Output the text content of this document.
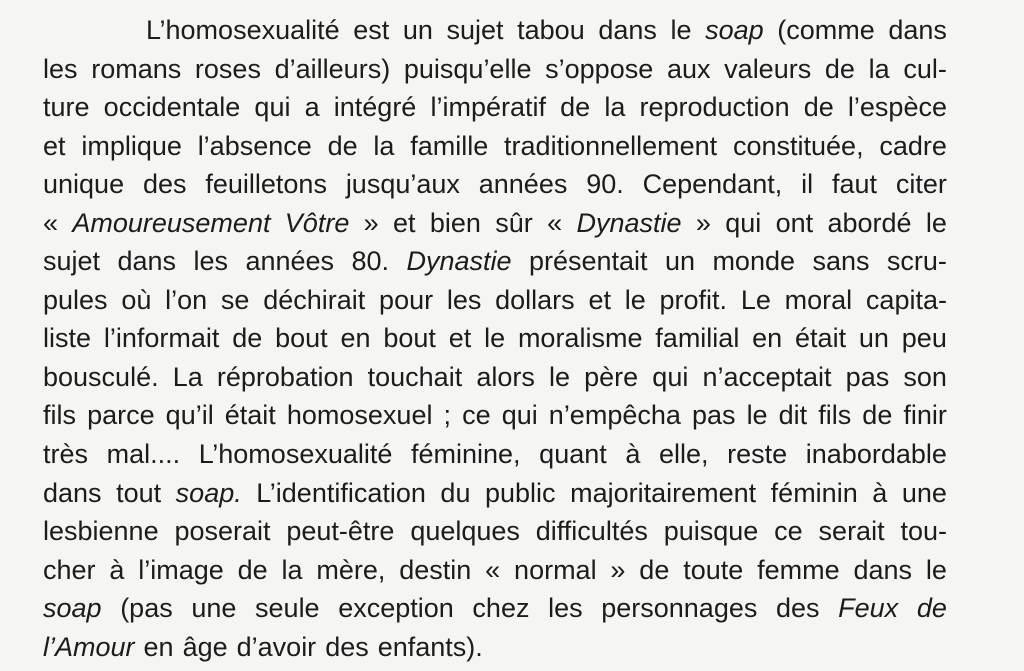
L’homosexualité est un sujet tabou dans le soap (comme dans
les romans roses d’ailleurs) puisqu’elle s’oppose aux valeurs de la cul-
ture occidentale qui a intégré l’impératif de la reproduction de l’espèce
et implique l’absence de la famille traditionnellement constituée, cadre
unique des feuilletons jusqu’aux années 90. Cependant, il faut citer
« Amoureusement Vôtre » et bien sûr « Dynastie » qui ont abordé le
sujet dans les années 80. Dynastie présentait un monde sans scru-
pules où l’on se déchirait pour les dollars et le profit. Le moral capita-
liste l’informait de bout en bout et le moralisme familial en était un peu
bousculé. La réprobation touchait alors le père qui n’acceptait pas son
fils parce qu’il était homosexuel ; ce qui n’empêcha pas le dit fils de finir
très mal.... L’homosexualité féminine, quant à elle, reste inabordable
dans tout soap. L’identification du public majoritairement féminin à une
lesbienne poserait peut-être quelques difficultés puisque ce serait tou-
cher à l’image de la mère, destin « normal » de toute femme dans le
soap (pas une seule exception chez les personnages des Feux de
l’Amour en âge d’avoir des enfants).
